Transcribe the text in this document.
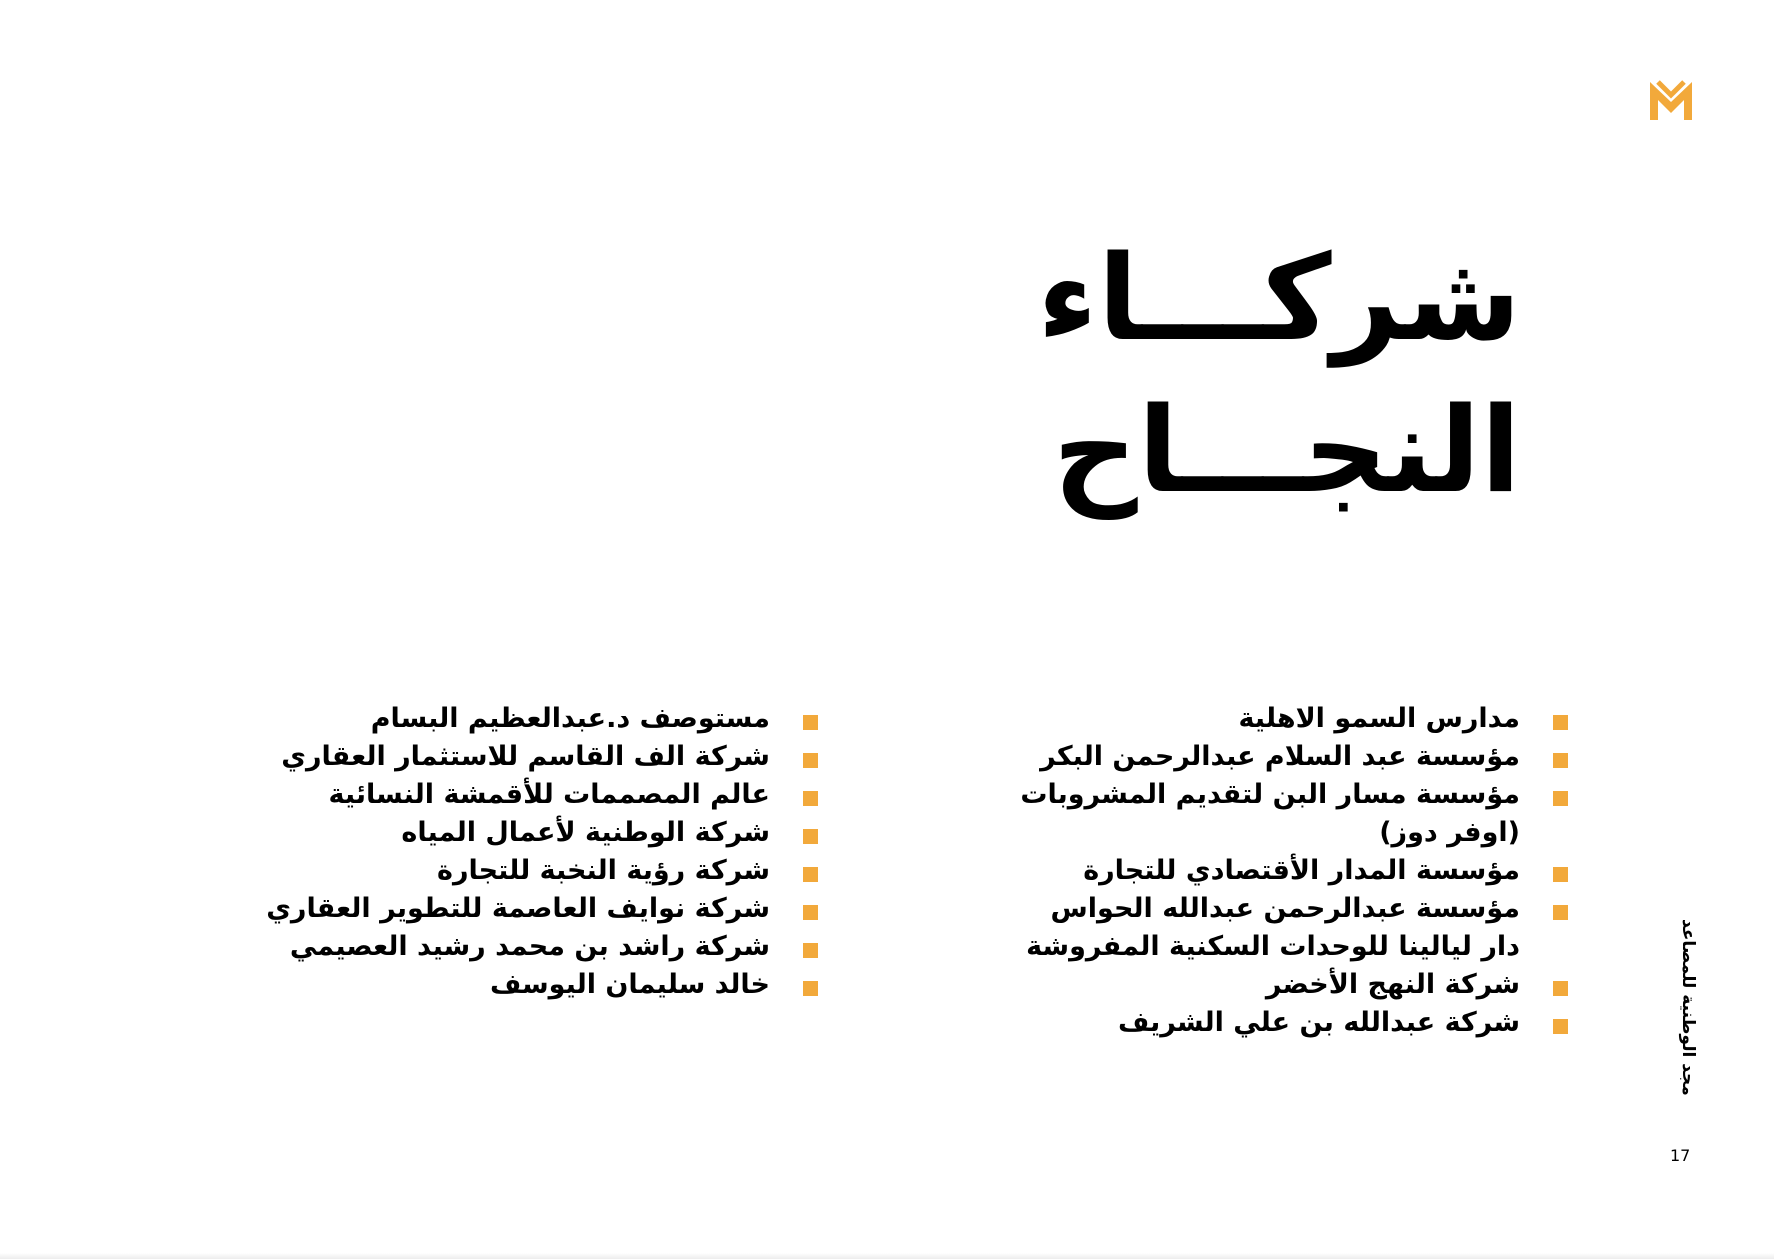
شركـــاء
النجـــاح
مدارس السمو الاهلية
مؤسسة عبد السلام عبدالرحمن البكر
مؤسسة مسار البن لتقديم المشروبات (اوفر دوز)
مؤسسة المدار الأقتصادي للتجارة
مؤسسة عبدالرحمن عبدالله الحواس
دار ليالينا للوحدات السكنية المفروشة
شركة النهج الأخضر
شركة عبدالله بن علي الشريف
مستوصف د.عبدالعظيم البسام
شركة الف القاسم للاستثمار العقاري
عالم المصممات للأقمشة النسائية
شركة الوطنية لأعمال المياه
شركة رؤية النخبة للتجارة
شركة نوايف العاصمة للتطوير العقاري
شركة راشد بن محمد رشيد العصيمي
خالد سليمان اليوسف	مجد الوطنية للمصاعد
17
